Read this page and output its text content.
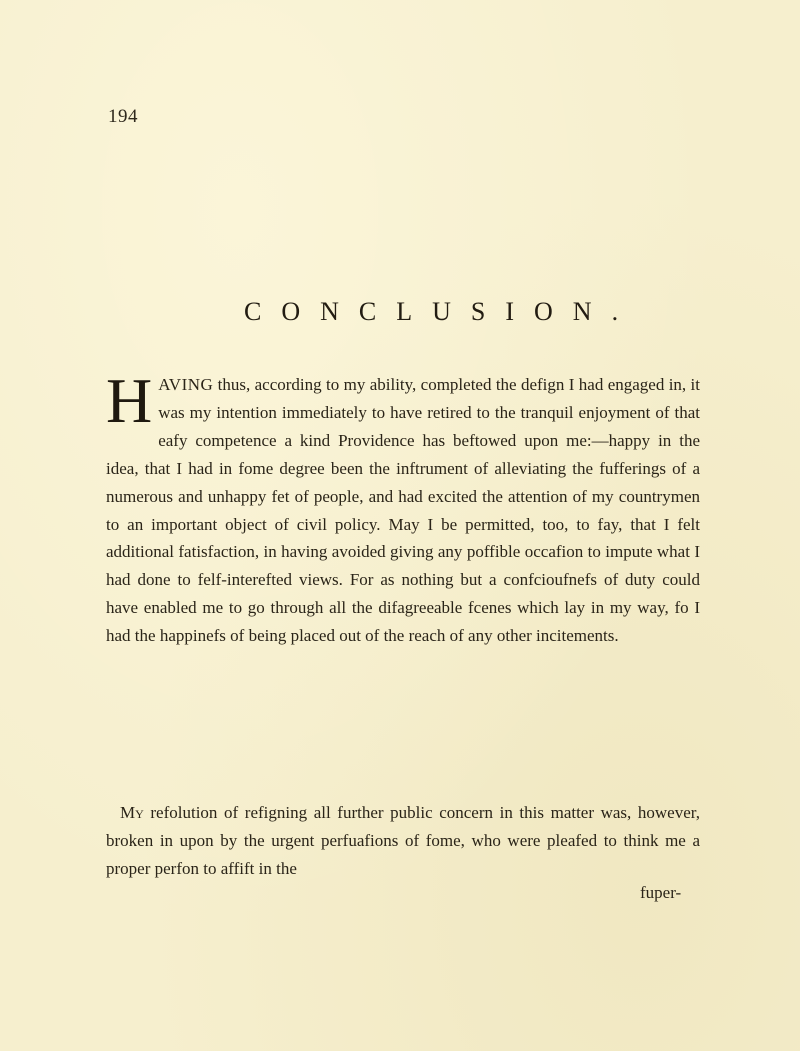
194
CONCLUSION.
HAVING thus, according to my ability, completed the defign I had engaged in, it was my intention immediately to have retired to the tranquil enjoyment of that eafy competence a kind Providence has beftowed upon me:—happy in the idea, that I had in fome degree been the inftrument of alleviating the fufferings of a numerous and unhappy fet of people, and had excited the attention of my countrymen to an important object of civil policy. May I be permitted, too, to fay, that I felt additional fatisfaction, in having avoided giving any poffible occafion to impute what I had done to felf-interefted views. For as nothing but a confcioufnefs of duty could have enabled me to go through all the difagreeable fcenes which lay in my way, fo I had the happinefs of being placed out of the reach of any other incitements.
My refolution of refigning all further public concern in this matter was, however, broken in upon by the urgent perfuafions of fome, who were pleafed to think me a proper perfon to affift in the
fuper-
